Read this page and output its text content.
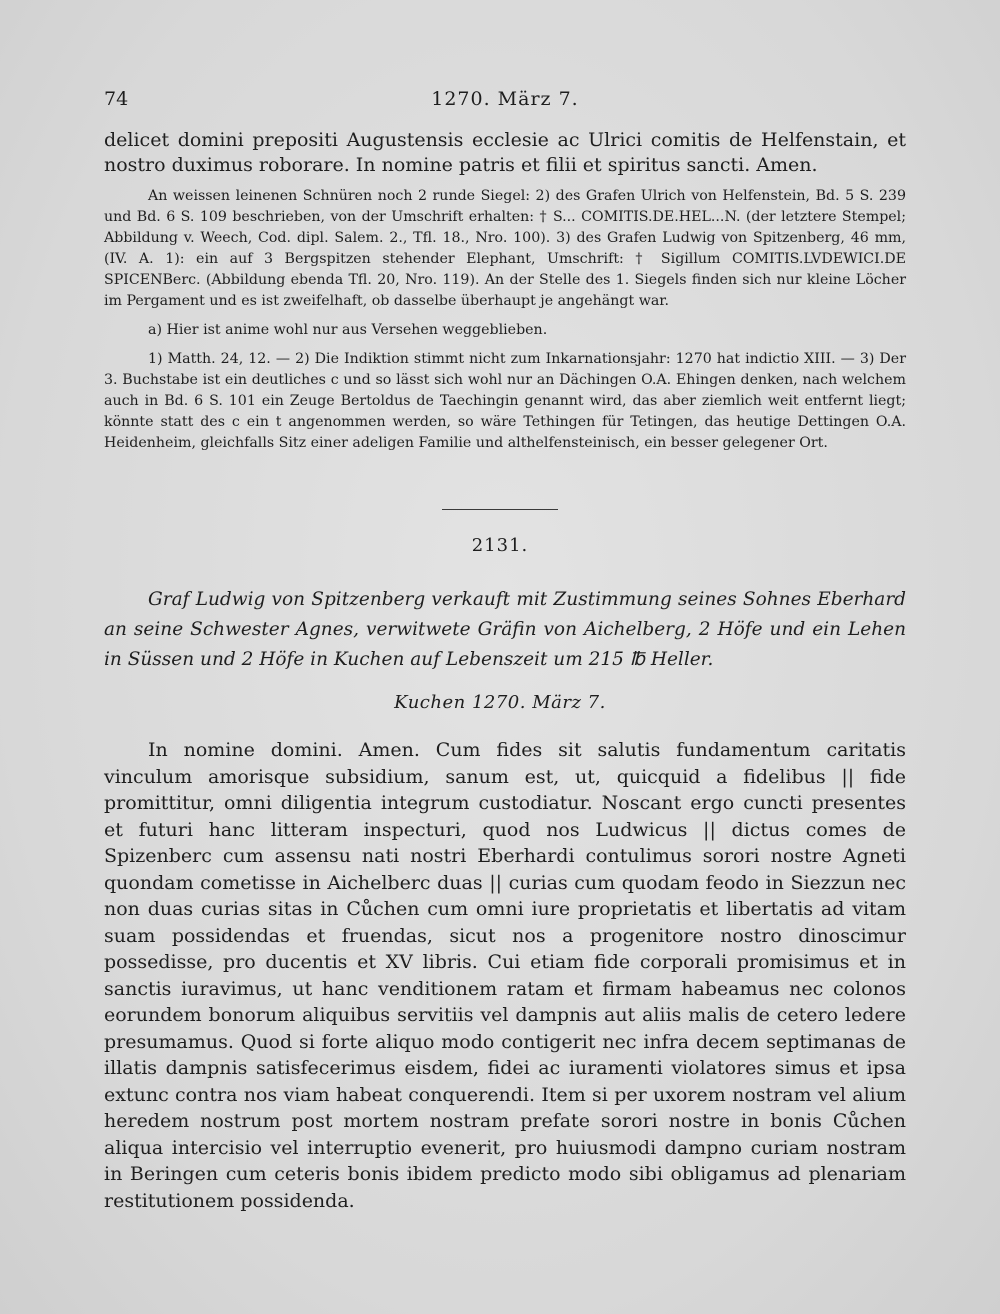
74	1270. März 7.
delicet domini prepositi Augustensis ecclesie ac Ulrici comitis de Helfenstain, et nostro duximus roborare. In nomine patris et filii et spiritus sancti. Amen.

An weissen leinenen Schnüren noch 2 runde Siegel: 2) des Grafen Ulrich von Helfenstein, Bd. 5 S. 239 und Bd. 6 S. 109 beschrieben, von der Umschrift erhalten: † S... COMITIS.DE.HEL...N. (der letztere Stempel; Abbildung v. Weech, Cod. dipl. Salem. 2., Tfl. 18., Nro. 100). 3) des Grafen Ludwig von Spitzenberg, 46 mm, (IV. A. 1): ein auf 3 Bergspitzen stehender Elephant, Umschrift: † Sigillum COMITIS.LVDEWICI.DE SPICENBerc. (Abbildung ebenda Tfl. 20, Nro. 119). An der Stelle des 1. Siegels finden sich nur kleine Löcher im Pergament und es ist zweifelhaft, ob dasselbe überhaupt je angehängt war.

a) Hier ist anime wohl nur aus Versehen weggeblieben.

1) Matth. 24, 12. — 2) Die Indiktion stimmt nicht zum Inkarnationsjahr: 1270 hat indictio XIII. — 3) Der 3. Buchstabe ist ein deutliches c und so lässt sich wohl nur an Dächingen O.A. Ehingen denken, nach welchem auch in Bd. 6 S. 101 ein Zeuge Bertoldus de Taechingin genannt wird, das aber ziemlich weit entfernt liegt; könnte statt des c ein t angenommen werden, so wäre Tethingen für Tetingen, das heutige Dettingen O.A. Heidenheim, gleichfalls Sitz einer adeligen Familie und althelfensteinisch, ein besser gelegener Ort.

2131.
Graf Ludwig von Spitzenberg verkauft mit Zustimmung seines Sohnes Eberhard an seine Schwester Agnes, verwitwete Gräfin von Aichelberg, 2 Höfe und ein Lehen in Süssen und 2 Höfe in Kuchen auf Lebenszeit um 215 ℔ Heller.
Kuchen 1270. März 7.
In nomine domini. Amen. Cum fides sit salutis fundamentum caritatis vinculum amorisque subsidium, sanum est, ut, quicquid a fidelibus || fide promittitur, omni diligentia integrum custodiatur. Noscant ergo cuncti presentes et futuri hanc litteram inspecturi, quod nos Ludwicus || dictus comes de Spizenberc cum assensu nati nostri Eberhardi contulimus sorori nostre Agneti quondam cometisse in Aichelberc duas || curias cum quodam feodo in Siezzun nec non duas curias sitas in Cůchen cum omni iure proprietatis et libertatis ad vitam suam possidendas et fruendas, sicut nos a progenitore nostro dinoscimur possedisse, pro ducentis et XV libris. Cui etiam fide corporali promisimus et in sanctis iuravimus, ut hanc venditionem ratam et firmam habeamus nec colonos eorundem bonorum aliquibus servitiis vel dampnis aut aliis malis de cetero ledere presumamus. Quod si forte aliquo modo contigerit nec infra decem septimanas de illatis dampnis satisfecerimus eisdem, fidei ac iuramenti violatores simus et ipsa extunc contra nos viam habeat conquerendi. Item si per uxorem nostram vel alium heredem nostrum post mortem nostram prefate sorori nostre in bonis Cůchen aliqua intercisio vel interruptio evenerit, pro huiusmodi dampno curiam nostram in Beringen cum ceteris bonis ibidem predicto modo sibi obligamus ad plenariam restitutionem possidenda.
